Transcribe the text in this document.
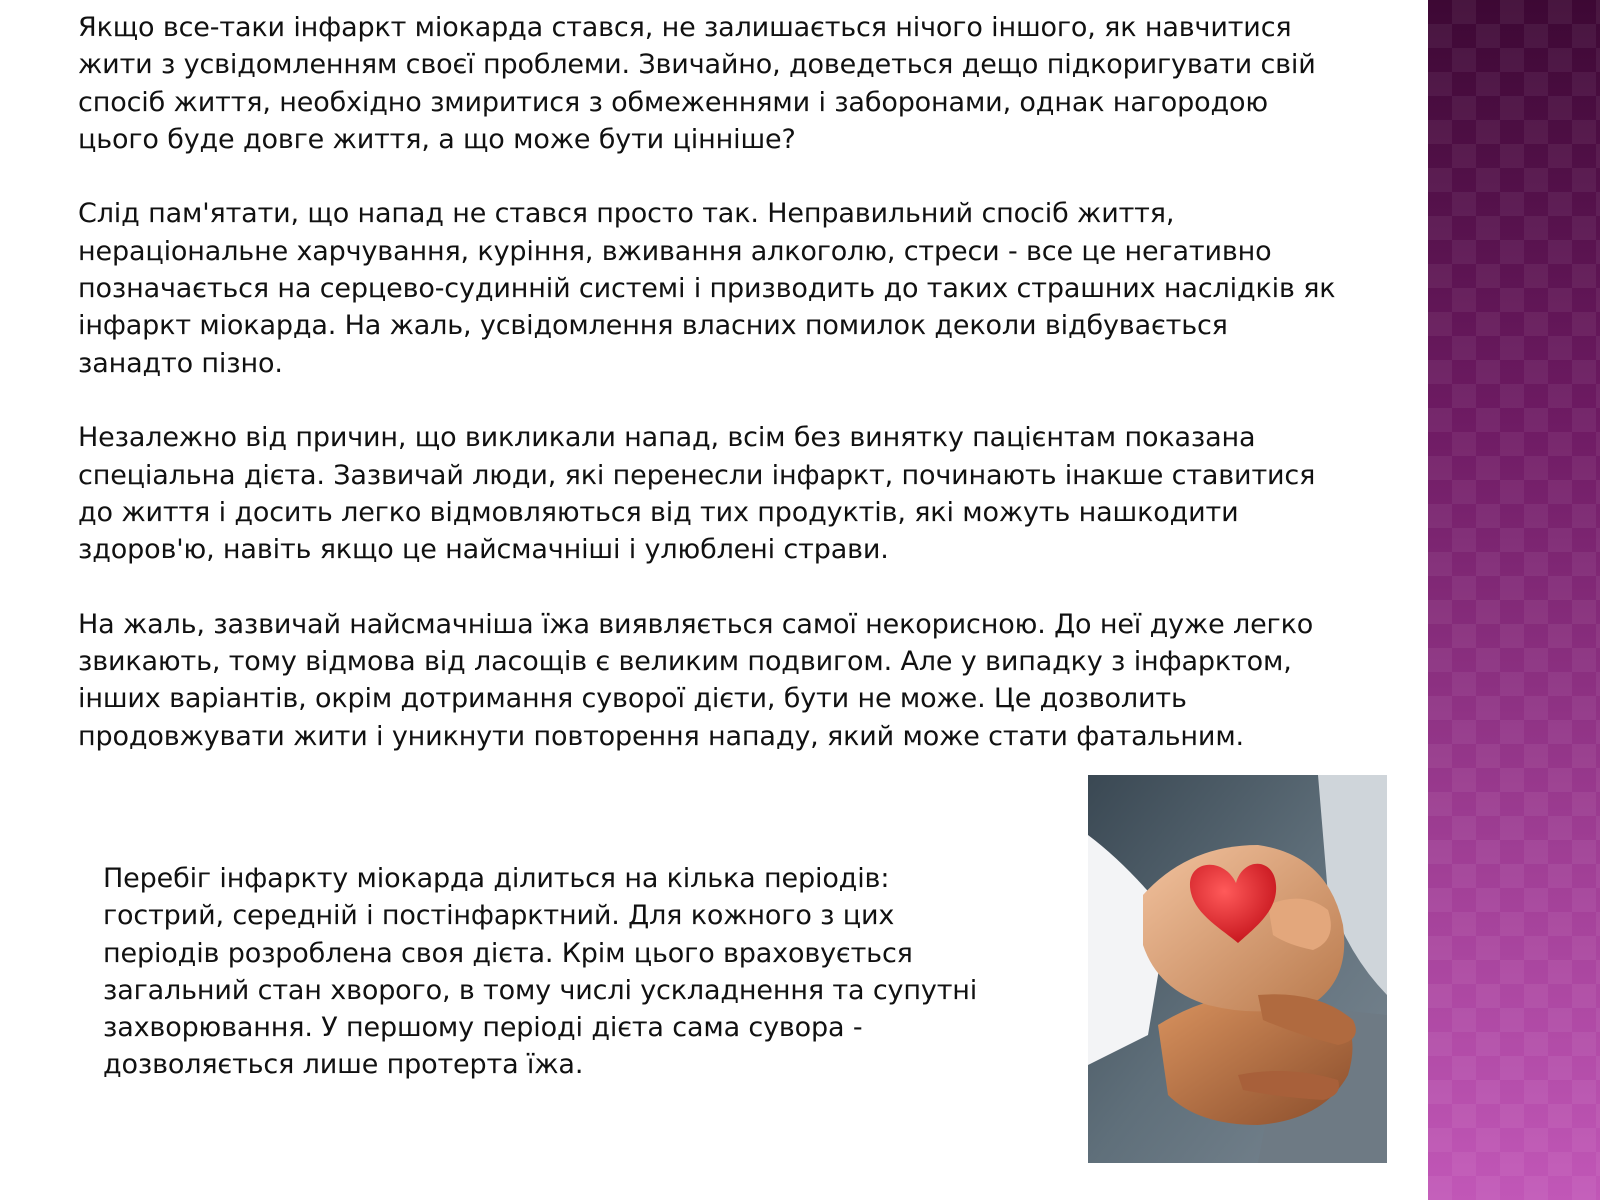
Якщо все-таки інфаркт міокарда стався, не залишається нічого іншого, як навчитися
жити з усвідомленням своєї проблеми. Звичайно, доведеться дещо підкоригувати свій
спосіб життя, необхідно змиритися з обмеженнями і заборонами, однак нагородою
цього буде довге життя, а що може бути цінніше?

Слід пам'ятати, що напад не стався просто так. Неправильний спосіб життя,
нераціональне харчування, куріння, вживання алкоголю, стреси - все це негативно
позначається на серцево-судинній системі і призводить до таких страшних наслідків як
інфаркт міокарда. На жаль, усвідомлення власних помилок деколи відбувається
занадто пізно.

Незалежно від причин, що викликали напад, всім без винятку пацієнтам показана
спеціальна дієта. Зазвичай люди, які перенесли інфаркт, починають інакше ставитися
до життя і досить легко відмовляються від тих продуктів, які можуть нашкодити
здоров'ю, навіть якщо це найсмачніші і улюблені страви.

На жаль, зазвичай найсмачніша їжа виявляється самої некорисною. До неї дуже легко
звикають, тому відмова від ласощів є великим подвигом. Але у випадку з інфарктом,
інших варіантів, окрім дотримання суворої дієти, бути не може. Це дозволить
продовжувати жити і уникнути повторення нападу, який може стати фатальним.

Перебіг інфаркту міокарда ділиться на кілька періодів:
гострий, середній і постінфарктний. Для кожного з цих
періодів розроблена своя дієта. Крім цього враховується
загальний стан хворого, в тому числі ускладнення та супутні
захворювання. У першому періоді дієта сама сувора -
дозволяється лише протерта їжа.
